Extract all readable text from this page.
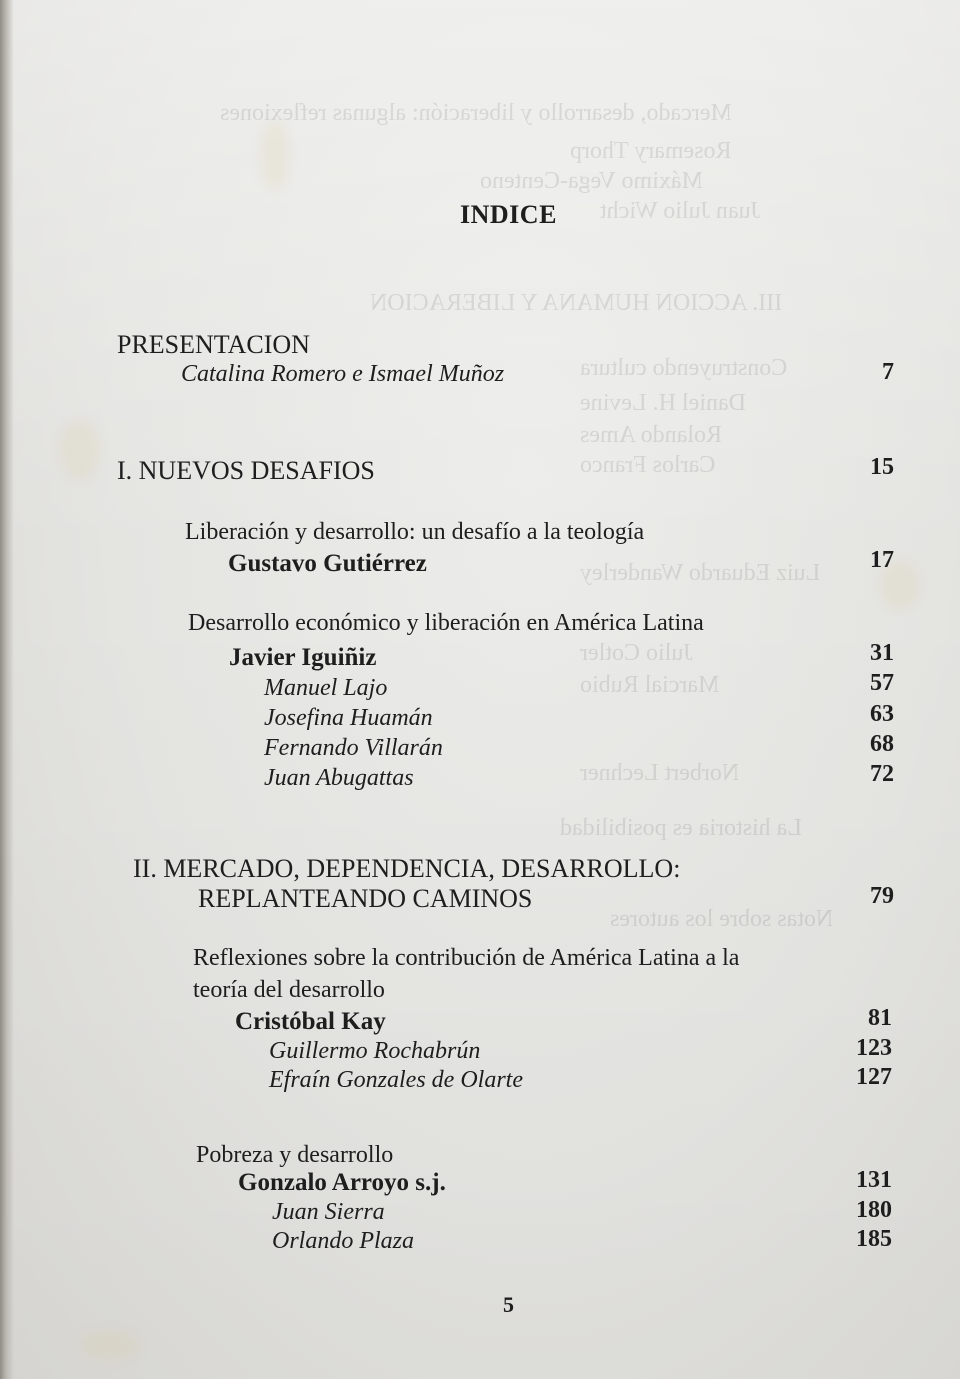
Mercado, desarrollo y liberación: algunas reflexiones
Rosemary Thorp
Máximo Vega-Centeno
Juan Julio Wicht
III. ACCION HUMANA Y LIBERACION
Construyendo cultura
Daniel H. Levine
Rolando Ames
Carlos Franco
Luiz Eduardo Wanderley
Julio Cotler
Marcial Rubio
Norbert Lechner
La historia es posibilidad
Notas sobre los autores
INDICE
PRESENTACION
Catalina Romero e Ismael Muñoz	7
I. NUEVOS DESAFIOS	15
Liberación y desarrollo: un desafío a la teología
Gustavo Gutiérrez	17
Desarrollo económico y liberación en América Latina
Javier Iguiñiz	31
Manuel Lajo	57
Josefina Huamán	63
Fernando Villarán	68
Juan Abugattas	72
II. MERCADO, DEPENDENCIA, DESARROLLO:
REPLANTEANDO CAMINOS	79
Reflexiones sobre la contribución de América Latina a la
teoría del desarrollo
Cristóbal Kay	81
Guillermo Rochabrún	123
Efraín Gonzales de Olarte	127
Pobreza y desarrollo
Gonzalo Arroyo s.j.	131
Juan Sierra	180
Orlando Plaza	185
5
